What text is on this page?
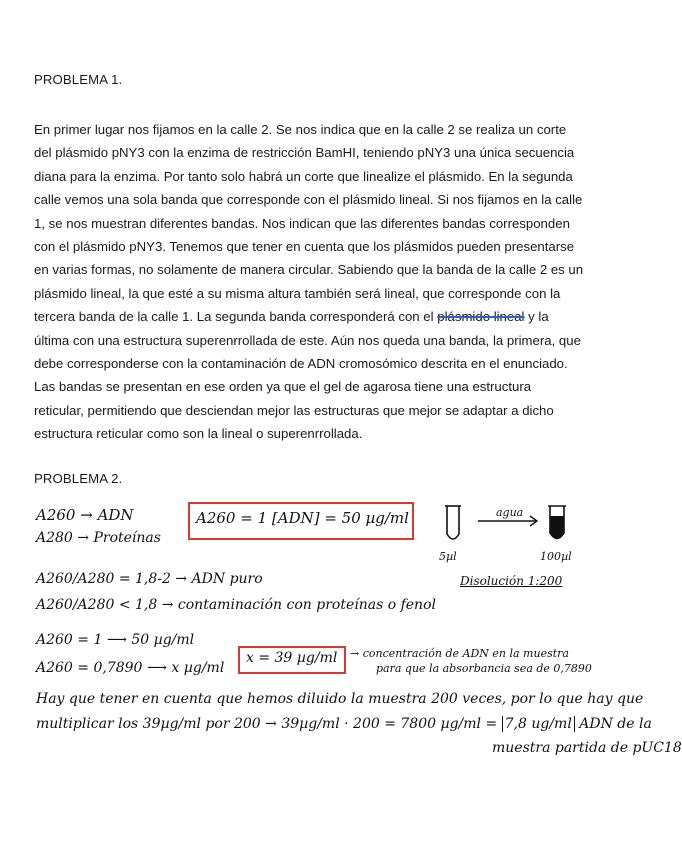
PROBLEMA 1.
En primer lugar nos fijamos en la calle 2. Se nos indica que en la calle 2 se realiza un corte
del plásmido pNY3 con la enzima de restricción BamHI, teniendo pNY3 una única secuencia
diana para la enzima. Por tanto solo habrá un corte que linealize el plásmido. En la segunda
calle vemos una sola banda que corresponde con el plásmido lineal. Si nos fijamos en la calle
1, se nos muestran diferentes bandas. Nos indican que las diferentes bandas corresponden
con el plásmido pNY3. Tenemos que tener en cuenta que los plásmidos pueden presentarse
en varias formas, no solamente de manera circular. Sabiendo que la banda de la calle 2 es un
plásmido lineal, la que esté a su misma altura también será lineal, que corresponde con la
tercera banda de la calle 1. La segunda banda corresponderá con el plásmido lineal y la
última con una estructura superenrrollada de este. Aún nos queda una banda, la primera, que
debe corresponderse con la contaminación de ADN cromosómico descrita en el enunciado.
Las bandas se presentan en ese orden ya que el gel de agarosa tiene una estructura
reticular, permitiendo que desciendan mejor las estructuras que mejor se adaptar a dicho
estructura reticular como son la lineal o superenrrollada.
PROBLEMA 2.
A260 → ADN
A280 → Proteínas
A260 = 1 [ADN] = 50 µg/ml
5µl
agua
100µl
Disolución 1:200
A260/A280 = 1,8-2 → ADN puro
A260/A280 < 1,8 → contaminación con proteínas o fenol
A260 = 1 ⟶ 50 µg/ml
A260 = 0,7890 ⟶ x µg/ml
x = 39 µg/ml → concentración de ADN en la muestra
para que la absorbancia sea de 0,7890
Hay que tener en cuenta que hemos diluido la muestra 200 veces, por lo que hay que
multiplicar los 39µg/ml por 200 → 39µg/ml · 200 = 7800 µg/ml = 7,8 ug/ml ADN de la
muestra partida de pUC18
